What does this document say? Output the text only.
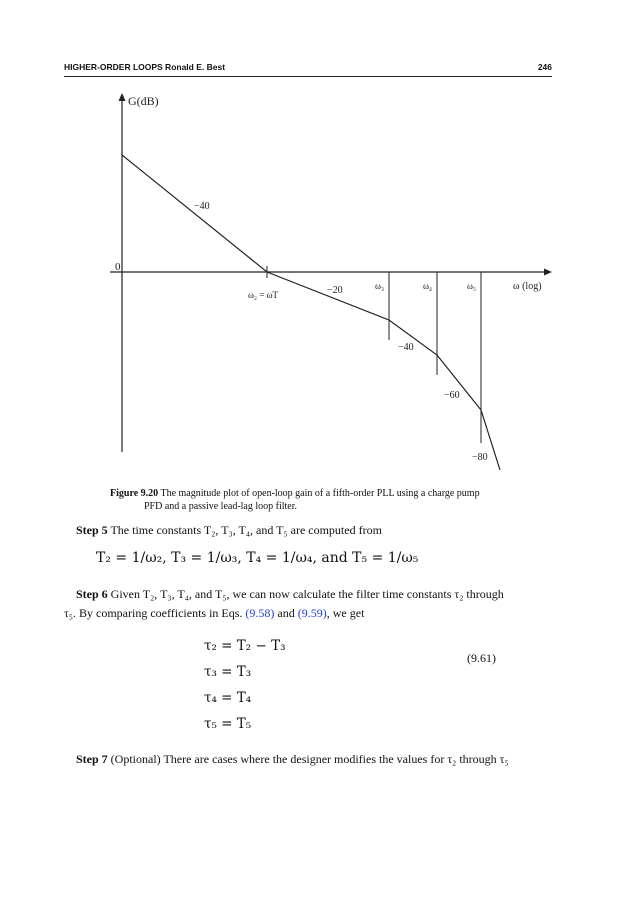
HIGHER-ORDER LOOPS Ronald E. Best	246
G(dB)
0
ω (log)
ω₂ = ωT
ω₃	ω₄	ω₅
−40
−20
−40
−60
−80
Figure 9.20 The magnitude plot of open-loop gain of a fifth-order PLL using a charge pump
PFD and a passive lead-lag loop filter.
Step 5 The time constants T₂, T₃, T₄, and T₅ are computed from
T₂ = 1/ω₂, T₃ = 1/ω₃, T₄ = 1/ω₄, and T₅ = 1/ω₅
Step 6 Given T₂, T₃, T₄, and T₅, we can now calculate the filter time constants τ₂ through
τ₅. By comparing coefficients in Eqs. (9.58) and (9.59), we get
τ₂ = T₂ − T₃
τ₃ = T₃
τ₄ = T₄
τ₅ = T₅
(9.61)
Step 7 (Optional) There are cases where the designer modifies the values for τ₂ through τ₅
